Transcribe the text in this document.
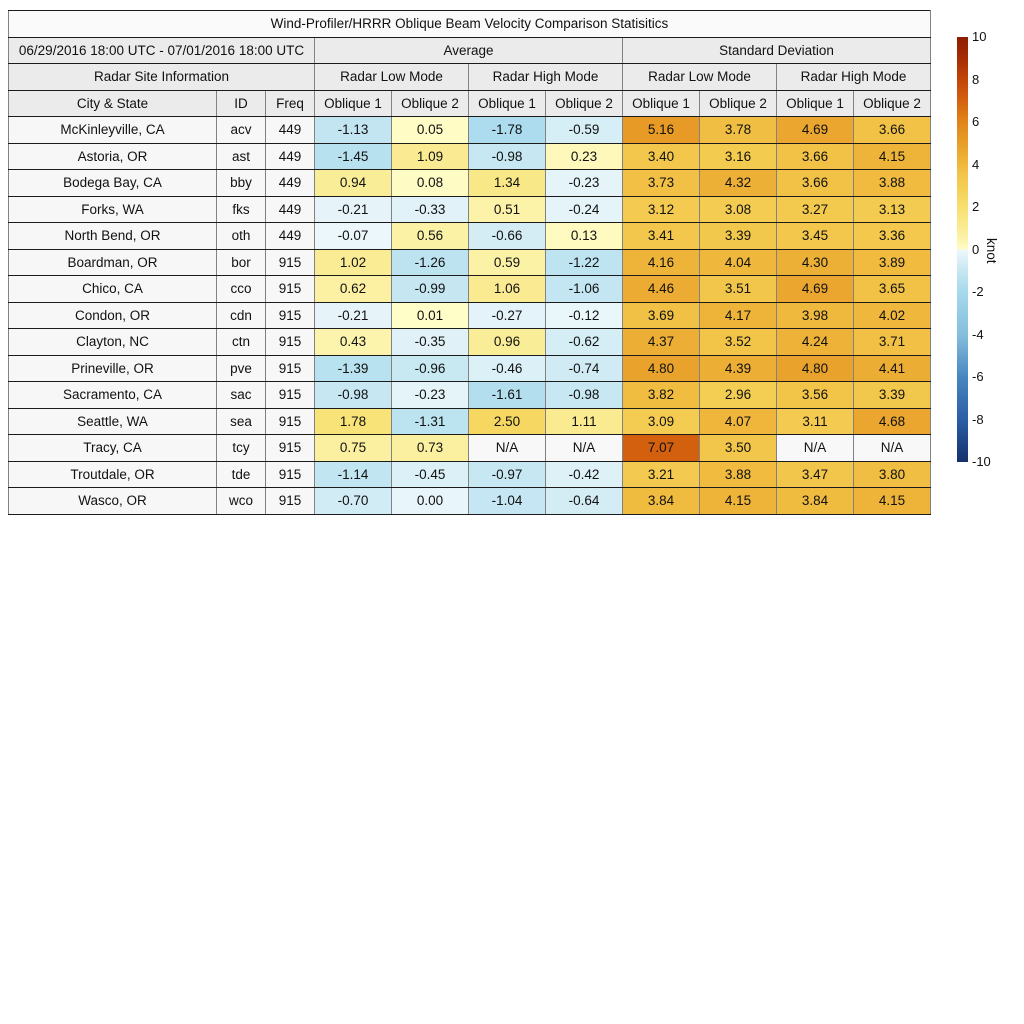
Wind-Profiler/HRRR Oblique Beam Velocity Comparison Statisitics										
06/29/2016 18:00 UTC - 07/01/2016 18:00 UTC			Average				Standard Deviation			
Radar Site Information			Radar Low Mode		Radar High Mode		Radar Low Mode		Radar High Mode	
City & State	ID	Freq	Oblique 1	Oblique 2	Oblique 1	Oblique 2	Oblique 1	Oblique 2	Oblique 1	Oblique 2
McKinleyville, CA	acv	449	-1.13	0.05	-1.78	-0.59	5.16	3.78	4.69	3.66
Astoria, OR	ast	449	-1.45	1.09	-0.98	0.23	3.40	3.16	3.66	4.15
Bodega Bay, CA	bby	449	0.94	0.08	1.34	-0.23	3.73	4.32	3.66	3.88
Forks, WA	fks	449	-0.21	-0.33	0.51	-0.24	3.12	3.08	3.27	3.13
North Bend, OR	oth	449	-0.07	0.56	-0.66	0.13	3.41	3.39	3.45	3.36
Boardman, OR	bor	915	1.02	-1.26	0.59	-1.22	4.16	4.04	4.30	3.89
Chico, CA	cco	915	0.62	-0.99	1.06	-1.06	4.46	3.51	4.69	3.65
Condon, OR	cdn	915	-0.21	0.01	-0.27	-0.12	3.69	4.17	3.98	4.02
Clayton, NC	ctn	915	0.43	-0.35	0.96	-0.62	4.37	3.52	4.24	3.71
Prineville, OR	pve	915	-1.39	-0.96	-0.46	-0.74	4.80	4.39	4.80	4.41
Sacramento, CA	sac	915	-0.98	-0.23	-1.61	-0.98	3.82	2.96	3.56	3.39
Seattle, WA	sea	915	1.78	-1.31	2.50	1.11	3.09	4.07	3.11	4.68
Tracy, CA	tcy	915	0.75	0.73	N/A	N/A	7.07	3.50	N/A	N/A
Troutdale, OR	tde	915	-1.14	-0.45	-0.97	-0.42	3.21	3.88	3.47	3.80
Wasco, OR	wco	915	-0.70	0.00	-1.04	-0.64	3.84	4.15	3.84	4.15
10
8
6
4
2
0
-2
-4
-6
-8
-10
knot
